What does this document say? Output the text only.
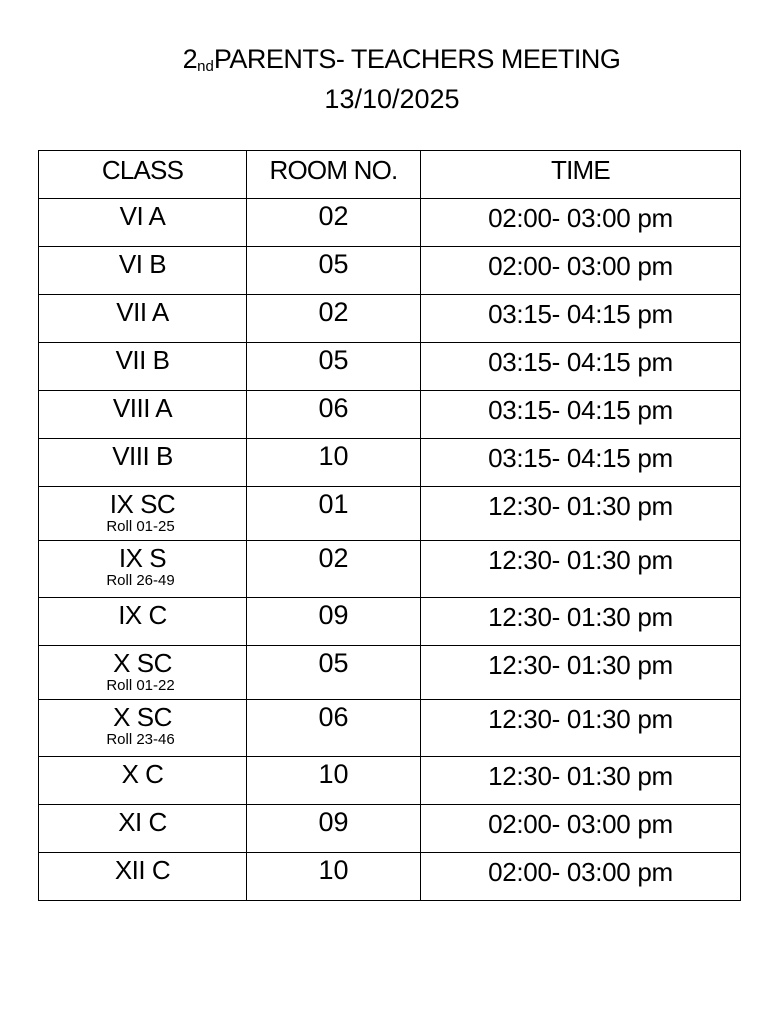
$2_{nd}PARENTS-$ TEACHERS MEETING
13/10/2025
CLASS	ROOM NO.	TIME

VI A	02	02:00- 03:00 pm

VI B	05	02:00- 03:00 pm

VII A	02	03:15- 04:15 pm

VII B	05	03:15- 04:15 pm

VIII A	06	03:15- 04:15 pm

VIII B	10	03:15- 04:15 pm

IX SC
Roll 01-25	01	12:30- 01:30 pm

IX S
Roll 26-49	02	12:30- 01:30 pm

IX C	09	12:30- 01:30 pm

X SC
Roll 01-22	05	12:30- 01:30 pm

X SC
Roll 23-46	06	12:30- 01:30 pm

X C	10	12:30- 01:30 pm

XI C	09	02:00- 03:00 pm

XII C	10	02:00- 03:00 pm
